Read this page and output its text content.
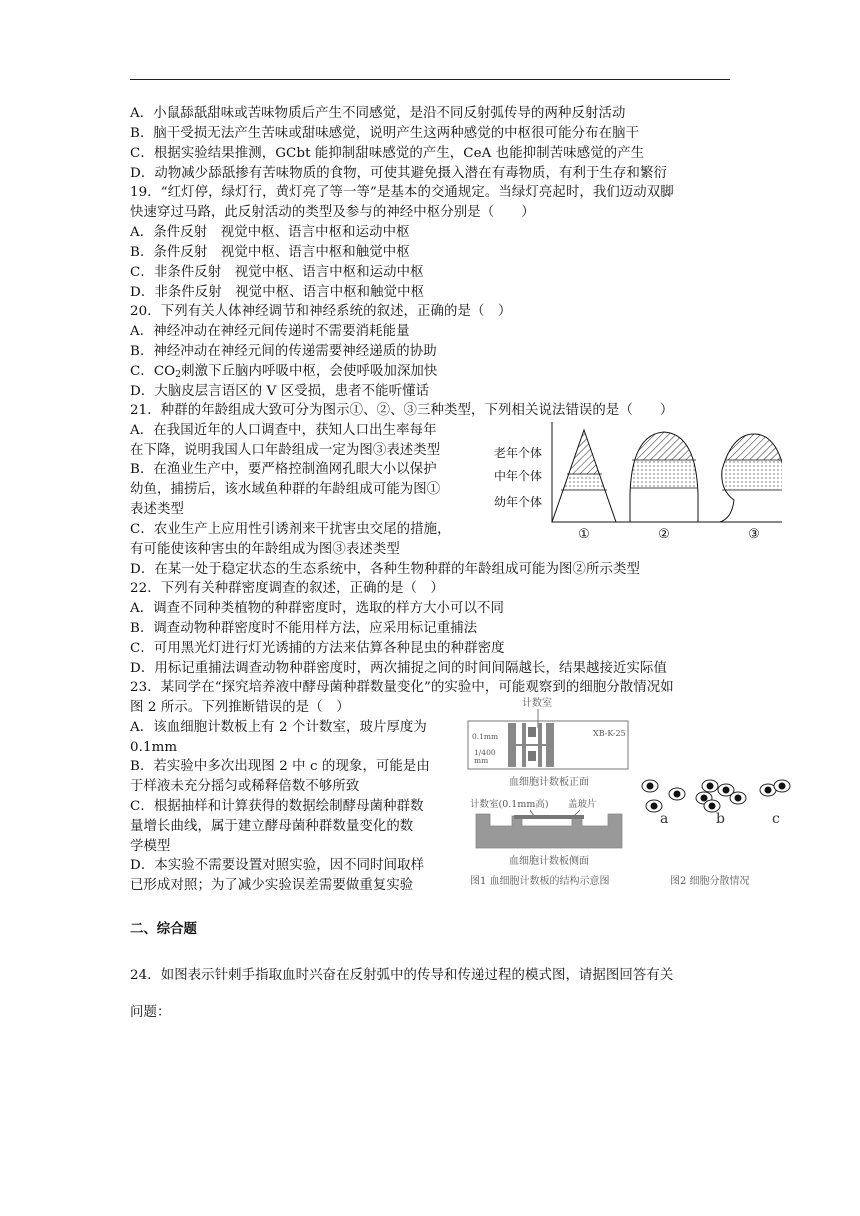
A．小鼠舔舐甜味或苦味物质后产生不同感觉，是沿不同反射弧传导的两种反射活动
B．脑干受损无法产生苦味或甜味感觉，说明产生这两种感觉的中枢很可能分布在脑干
C．根据实验结果推测，GCbt 能抑制甜味感觉的产生，CeA 也能抑制苦味感觉的产生
D．动物减少舔舐掺有苦味物质的食物，可使其避免摄入潜在有毒物质，有利于生存和繁衍
19．“红灯停，绿灯行，黄灯亮了等一等”是基本的交通规定。当绿灯亮起时，我们迈动双脚
快速穿过马路，此反射活动的类型及参与的神经中枢分别是（　　）
A．条件反射　视觉中枢、语言中枢和运动中枢
B．条件反射　视觉中枢、语言中枢和触觉中枢
C．非条件反射　视觉中枢、语言中枢和运动中枢
D．非条件反射　视觉中枢、语言中枢和触觉中枢
20．下列有关人体神经调节和神经系统的叙述，正确的是（　）
A．神经冲动在神经元间传递时不需要消耗能量
B．神经冲动在神经元间的传递需要神经递质的协助
C．$CO_2$刺激下丘脑内呼吸中枢，会使呼吸加深加快
D．大脑皮层言语区的 V 区受损，患者不能听懂话
21．种群的年龄组成大致可分为图示①、②、③三种类型，下列相关说法错误的是（　　）
A．在我国近年的人口调查中，获知人口出生率每年
在下降，说明我国人口年龄组成一定为图③表述类型
B．在渔业生产中，要严格控制渔网孔眼大小以保护
幼鱼，捕捞后，该水域鱼种群的年龄组成可能为图①
表述类型
C．农业生产上应用性引诱剂来干扰害虫交尾的措施，
有可能使该种害虫的年龄组成为图③表述类型
D．在某一处于稳定状态的生态系统中，各种生物种群的年龄组成可能为图②所示类型
老年个体
中年个体
幼年个体
①	②	③
22．下列有关种群密度调查的叙述，正确的是（　）
A．调查不同种类植物的种群密度时，选取的样方大小可以不同
B．调查动物种群密度时不能用样方法，应采用标记重捕法
C．可用黑光灯进行灯光诱捕的方法来估算各种昆虫的种群密度
D．用标记重捕法调查动物种群密度时，两次捕捉之间的时间间隔越长，结果越接近实际值
23．某同学在“探究培养液中酵母菌种群数量变化”的实验中，可能观察到的细胞分散情况如
图 2 所示。下列推断错误的是（　）
A．该血细胞计数板上有 2 个计数室，玻片厚度为
0.1mm
B．若实验中多次出现图 2 中 c 的现象，可能是由
于样液未充分摇匀或稀释倍数不够所致
C．根据抽样和计算获得的数据绘制酵母菌种群数
量增长曲线，属于建立酵母菌种群数量变化的数
学模型
D．本实验不需要设置对照实验，因不同时间取样
已形成对照；为了减少实验误差需要做重复实验
计数室
0.1mm
1/400
mm
XB-K-25
血细胞计数板正面
计数室(0.1mm高) 盖玻片
血细胞计数板侧面
图1 血细胞计数板的结构示意图
a	b	c
图2 细胞分散情况
二、综合题
24．如图表示针刺手指取血时兴奋在反射弧中的传导和传递过程的模式图，请据图回答有关
问题：
